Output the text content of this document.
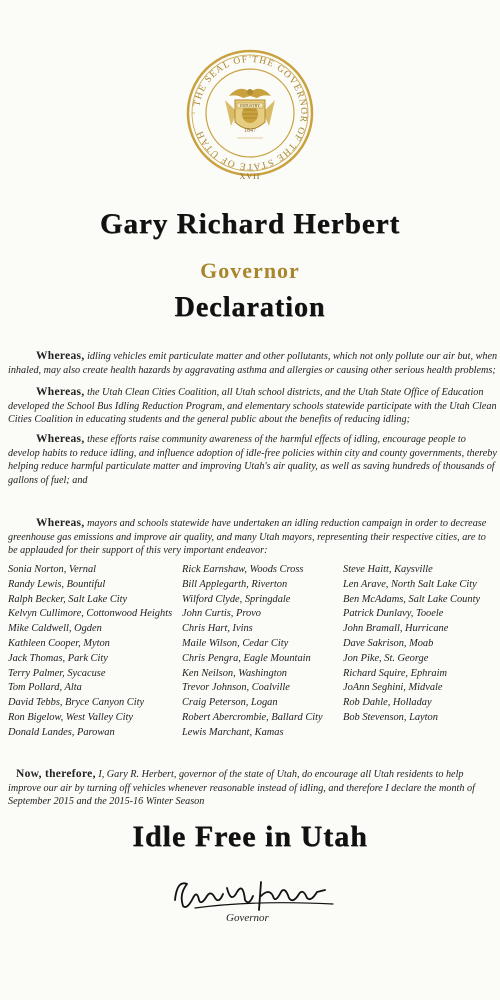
THE SEAL OF THE GOVERNOR OF THE STATE OF UTAH
INDUSTRY
1847
XVII
Gary Richard Herbert
Governor
Declaration
Whereas, idling vehicles emit particulate matter and other pollutants, which not only pollute our air but, when inhaled, may also create health hazards by aggravating asthma and allergies or causing other serious health problems;
Whereas, the Utah Clean Cities Coalition, all Utah school districts, and the Utah State Office of Education developed the School Bus Idling Reduction Program, and elementary schools statewide participate with the Utah Clean Cities Coalition in educating students and the general public about the benefits of reducing idling;
Whereas, these efforts raise community awareness of the harmful effects of idling, encourage people to develop habits to reduce idling, and influence adoption of idle-free policies within city and county governments, thereby helping reduce harmful particulate matter and improving Utah's air quality, as well as saving hundreds of thousands of gallons of fuel; and
Whereas, mayors and schools statewide have undertaken an idling reduction campaign in order to decrease greenhouse gas emissions and improve air quality, and many Utah mayors, representing their respective cities, are to be applauded for their support of this very important endeavor:
Sonia Norton, Vernal
Randy Lewis, Bountiful
Ralph Becker, Salt Lake City
Kelvyn Cullimore, Cottonwood Heights
Mike Caldwell, Ogden
Kathleen Cooper, Myton
Jack Thomas, Park City
Terry Palmer, Sycacuse
Tom Pollard, Alta
David Tebbs, Bryce Canyon City
Ron Bigelow, West Valley City
Donald Landes, Parowan
Rick Earnshaw, Woods Cross
Bill Applegarth, Riverton
Wilford Clyde, Springdale
John Curtis, Provo
Chris Hart, Ivins
Maile Wilson, Cedar City
Chris Pengra, Eagle Mountain
Ken Neilson, Washington
Trevor Johnson, Coalville
Craig Peterson, Logan
Robert Abercrombie, Ballard City
Lewis Marchant, Kamas
Steve Haitt, Kaysville
Len Arave, North Salt Lake City
Ben McAdams, Salt Lake County
Patrick Dunlavy, Tooele
John Bramall, Hurricane
Dave Sakrison, Moab
Jon Pike, St. George
Richard Squire, Ephraim
JoAnn Seghini, Midvale
Rob Dahle, Holladay
Bob Stevenson, Layton
Now, therefore, I, Gary R. Herbert, governor of the state of Utah, do encourage all Utah residents to help improve our air by turning off vehicles whenever reasonable instead of idling, and therefore I declare the month of September 2015 and the 2015-16 Winter Season
Idle Free in Utah
Governor
